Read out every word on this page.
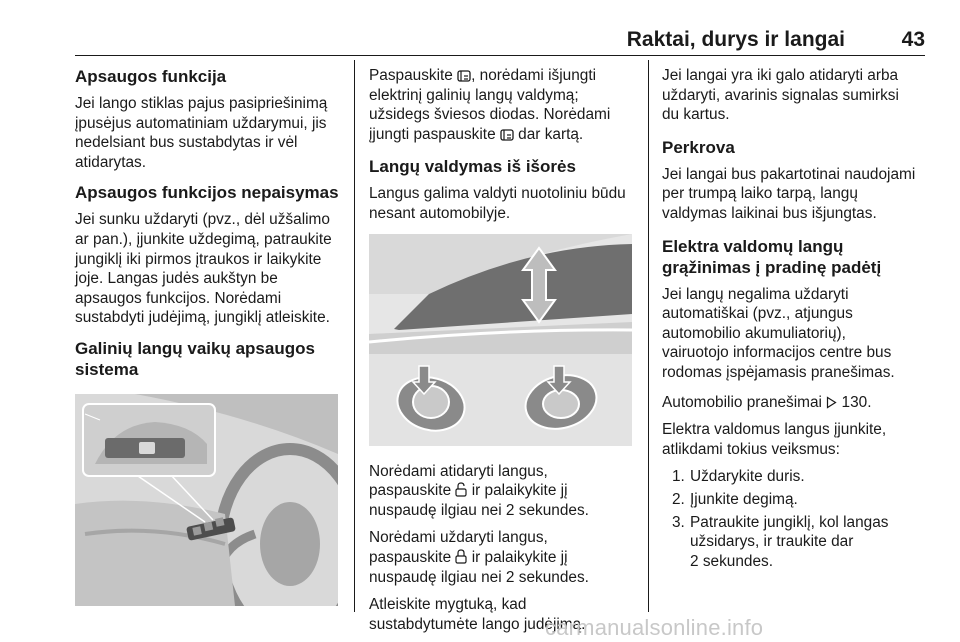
Raktai, durys ir langai	43
Apsaugos funkcija

Jei lango stiklas pajus pasipriešinimą
įpusėjus automatiniam uždarymui, jis
nedelsiant bus sustabdytas ir vėl
atidarytas.

Apsaugos funkcijos nepaisymas

Jei sunku uždaryti (pvz., dėl užšalimo
ar pan.), įjunkite uždegimą, patraukite
jungiklį iki pirmos įtraukos ir laikykite
joje. Langas judės aukštyn be
apsaugos funkcijos. Norėdami
sustabdyti judėjimą, jungiklį atleiskite.

Galinių langų vaikų apsaugos
sistema

Paspauskite , norėdami išjungti
elektrinį galinių langų valdymą;
užsidegs šviesos diodas. Norėdami
įjungti paspauskite  dar kartą.

Langų valdymas iš išorės

Langus galima valdyti nuotoliniu būdu
nesant automobilyje.

Norėdami atidaryti langus,
paspauskite  ir palaikykite jį
nuspaudę ilgiau nei 2 sekundes.

Norėdami uždaryti langus,
paspauskite  ir palaikykite jį
nuspaudę ilgiau nei 2 sekundes.

Atleiskite mygtuką, kad
sustabdytumėte lango judėjimą.

Jei langai yra iki galo atidaryti arba
uždaryti, avarinis signalas sumirksi
du kartus.

Perkrova

Jei langai bus pakartotinai naudojami
per trumpą laiko tarpą, langų
valdymas laikinai bus išjungtas.

Elektra valdomų langų
grąžinimas į pradinę padėtį

Jei langų negalima uždaryti
automatiškai (pvz., atjungus
automobilio akumuliatorių),
vairuotojo informacijos centre bus
rodomas įspėjamasis pranešimas.

Automobilio pranešimai  130.

Elektra valdomus langus įjunkite,
atlikdami tokius veiksmus:

1. Uždarykite duris.
2. Įjunkite degimą.
3. Patraukite jungiklį, kol langas
užsidarys, ir traukite dar
2 sekundes.
carmanualsonline.info
